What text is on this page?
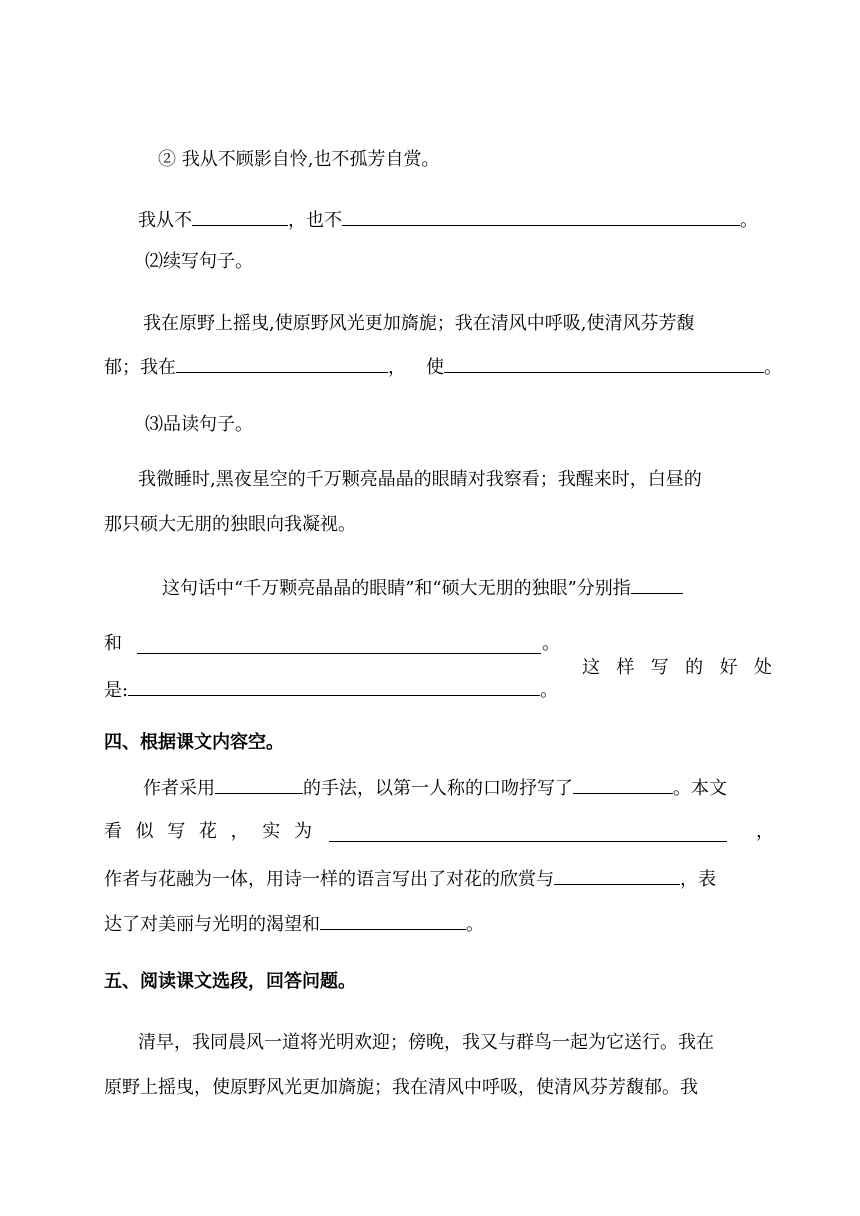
② 我从不顾影自怜,也不孤芳自赏。
我从不	，也不	。
⑵续写句子。
我在原野上摇曳,使原野风光更加旖旎；我在清风中呼吸,使清风芬芳馥
郁；我在	， 使	。
⑶品读句子。
我微睡时,黑夜星空的千万颗亮晶晶的眼睛对我察看；我醒来时，白昼的
那只硕大无朋的独眼向我凝视。
这句话中“千万颗亮晶晶的眼睛”和“硕大无朋的独眼”分别指
和	。
这 样 写 的 好 处
是:	。
四、根据课文内容空。
作者采用	的手法，以第一人称的口吻抒写了	。本文
看 似 写 花 ， 实 为	，
作者与花融为一体，用诗一样的语言写出了对花的欣赏与	，表
达了对美丽与光明的渴望和	。
五、阅读课文选段，回答问题。
清早，我同晨风一道将光明欢迎；傍晚，我又与群鸟一起为它送行。我在
原野上摇曳，使原野风光更加旖旎；我在清风中呼吸，使清风芬芳馥郁。我
